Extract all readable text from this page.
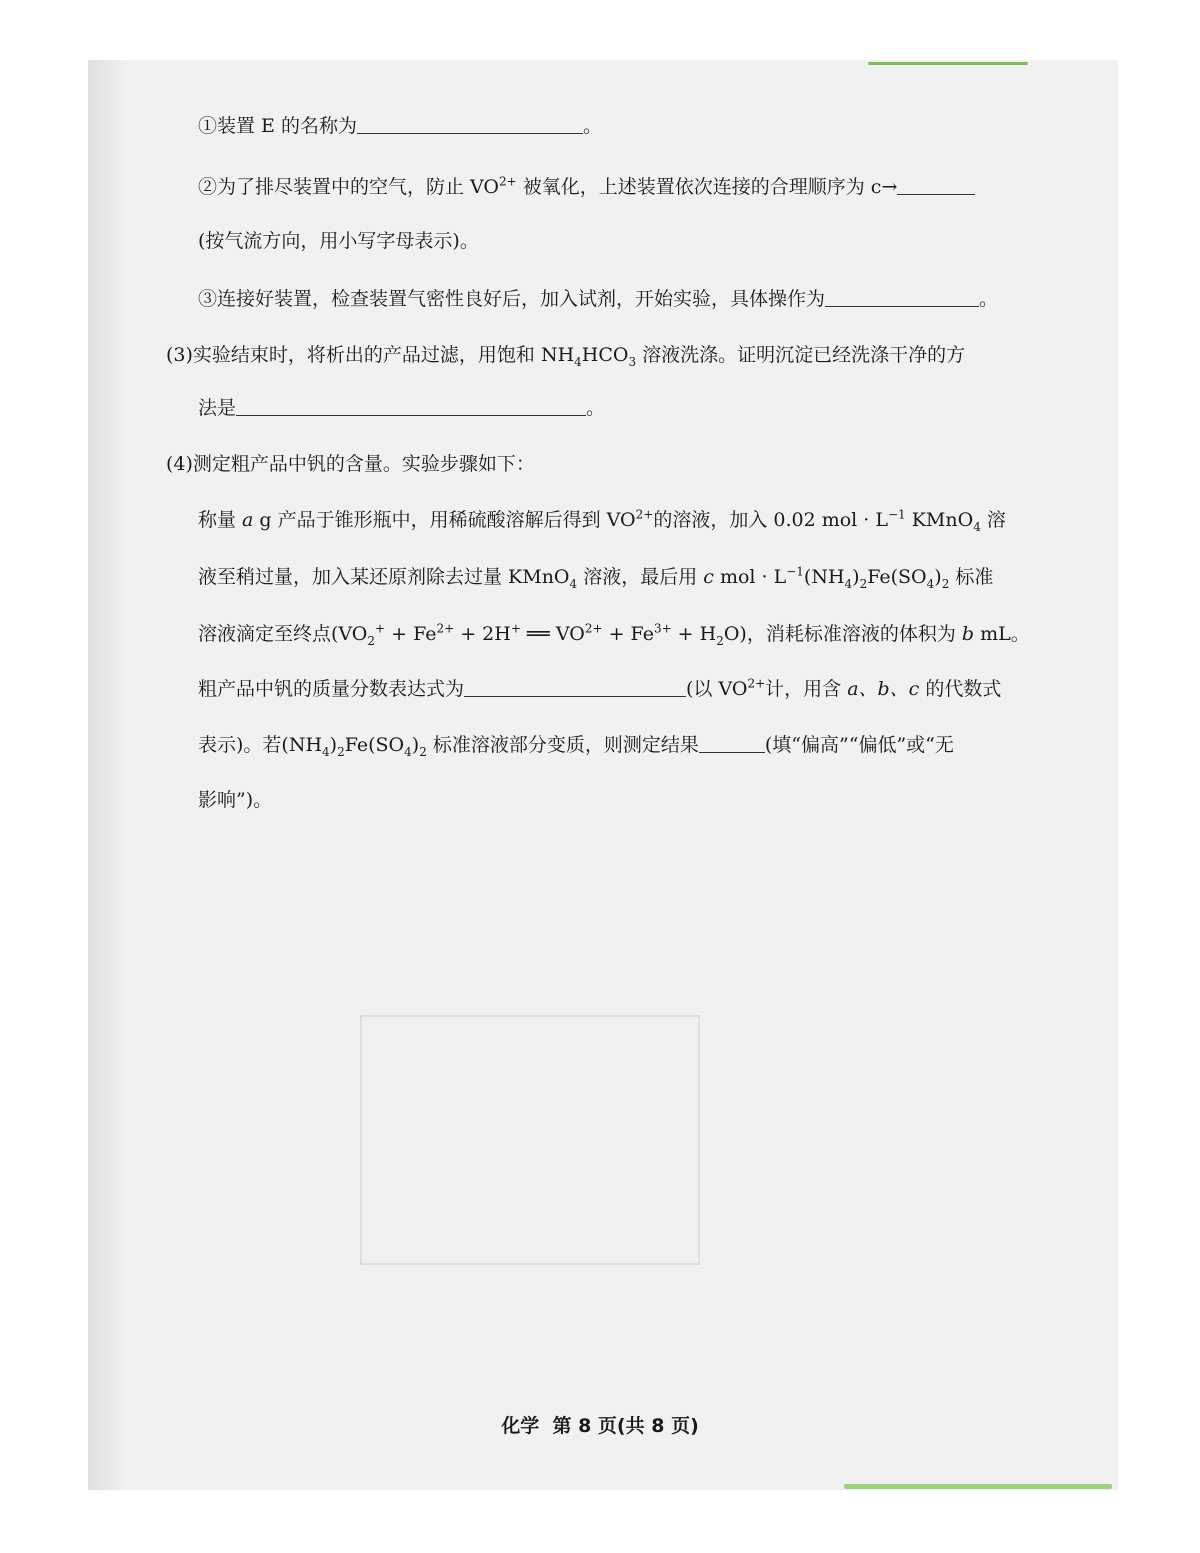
①装置 E 的名称为	。
②为了排尽装置中的空气，防止 $VO^{2+}$ 被氧化，上述装置依次连接的合理顺序为 c→
(按气流方向，用小写字母表示)。
③连接好装置，检查装置气密性良好后，加入试剂，开始实验，具体操作为	。
(3)实验结束时，将析出的产品过滤，用饱和 $NH_4HCO_3$ 溶液洗涤。证明沉淀已经洗涤干净的方
法是	。
(4)测定粗产品中钒的含量。实验步骤如下：
称量 a g 产品于锥形瓶中，用稀硫酸溶解后得到 $VO^{2+}$的溶液，加入 0.02 mol · $L^{-1}$ KMnO$_4$ 溶
液至稍过量，加入某还原剂除去过量 KMnO$_4$ 溶液，最后用 c mol · $L^{-1}(NH_4)_2Fe(SO_4)_2$ 标准
溶液滴定至终点($VO_2^+ + Fe^{2+} + 2H^+$ ══ $VO^{2+} + Fe^{3+} + H_2O$)，消耗标准溶液的体积为 b mL。
粗产品中钒的质量分数表达式为	(以 $VO^{2+}$计，用含 a、b、c 的代数式
表示)。若$(NH_4)_2Fe(SO_4)_2$ 标准溶液部分变质，则测定结果	(填“偏高”“偏低”或“无
影响”)。
化学 第 8 页(共 8 页)
